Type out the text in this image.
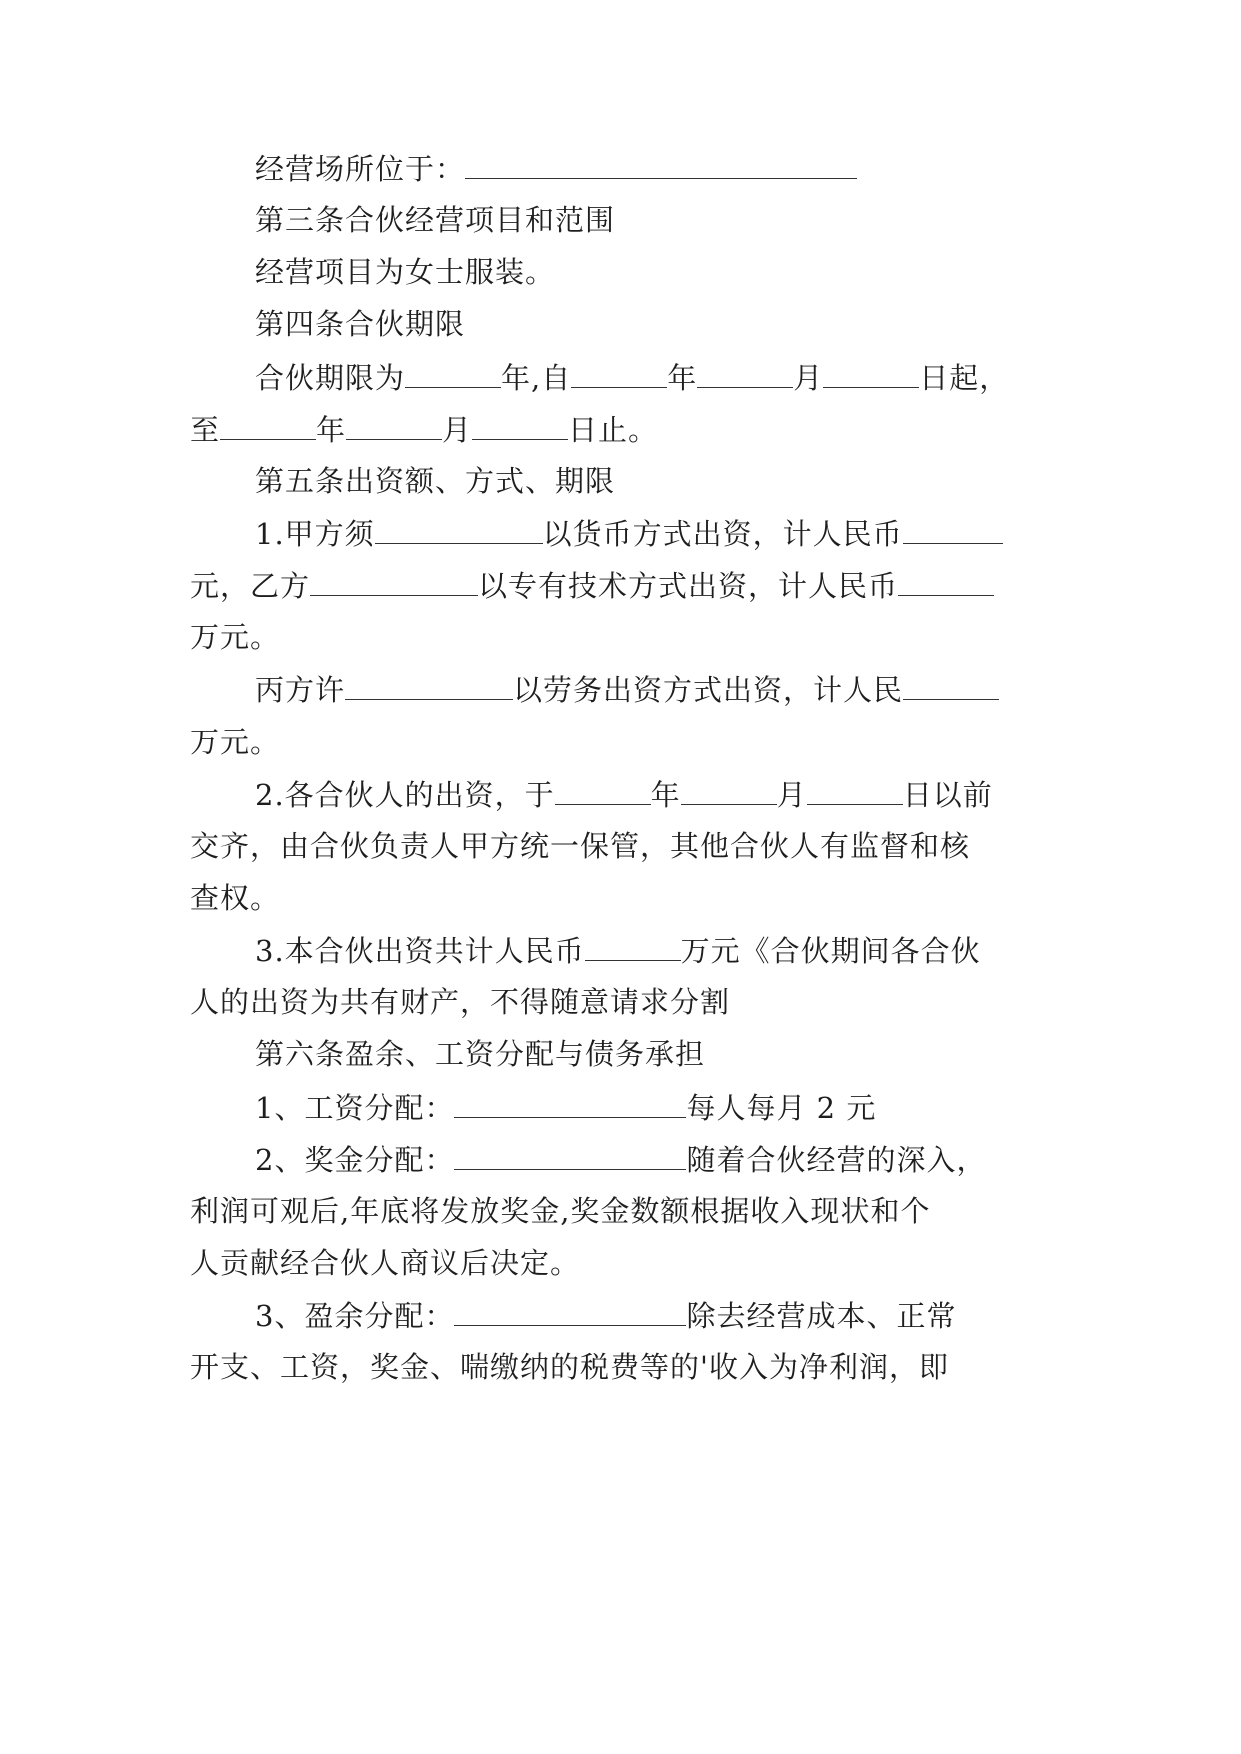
经营场所位于：
第三条合伙经营项目和范围
经营项目为女士服装。
第四条合伙期限
合伙期限为	年,自	年	月	日起，
至	年	月	日止。
第五条出资额、方式、期限
1.甲方须	以货币方式出资，计人民币
元，乙方	以专有技术方式出资，计人民币
万元。
丙方许	以劳务出资方式出资，计人民
万元。
2.各合伙人的出资，于	年	月	日以前
交齐，由合伙负责人甲方统一保管，其他合伙人有监督和核
查权。
3.本合伙出资共计人民币	万元《合伙期间各合伙
人的出资为共有财产，不得随意请求分割
第六条盈余、工资分配与债务承担
1、工资分配：	每人每月 2 元
2、奖金分配：	随着合伙经营的深入，
利润可观后,年底将发放奖金,奖金数额根据收入现状和个
人贡献经合伙人商议后决定。
3、盈余分配：	除去经营成本、正常
开支、工资，奖金、喘缴纳的税费等的'收入为净利润，即
